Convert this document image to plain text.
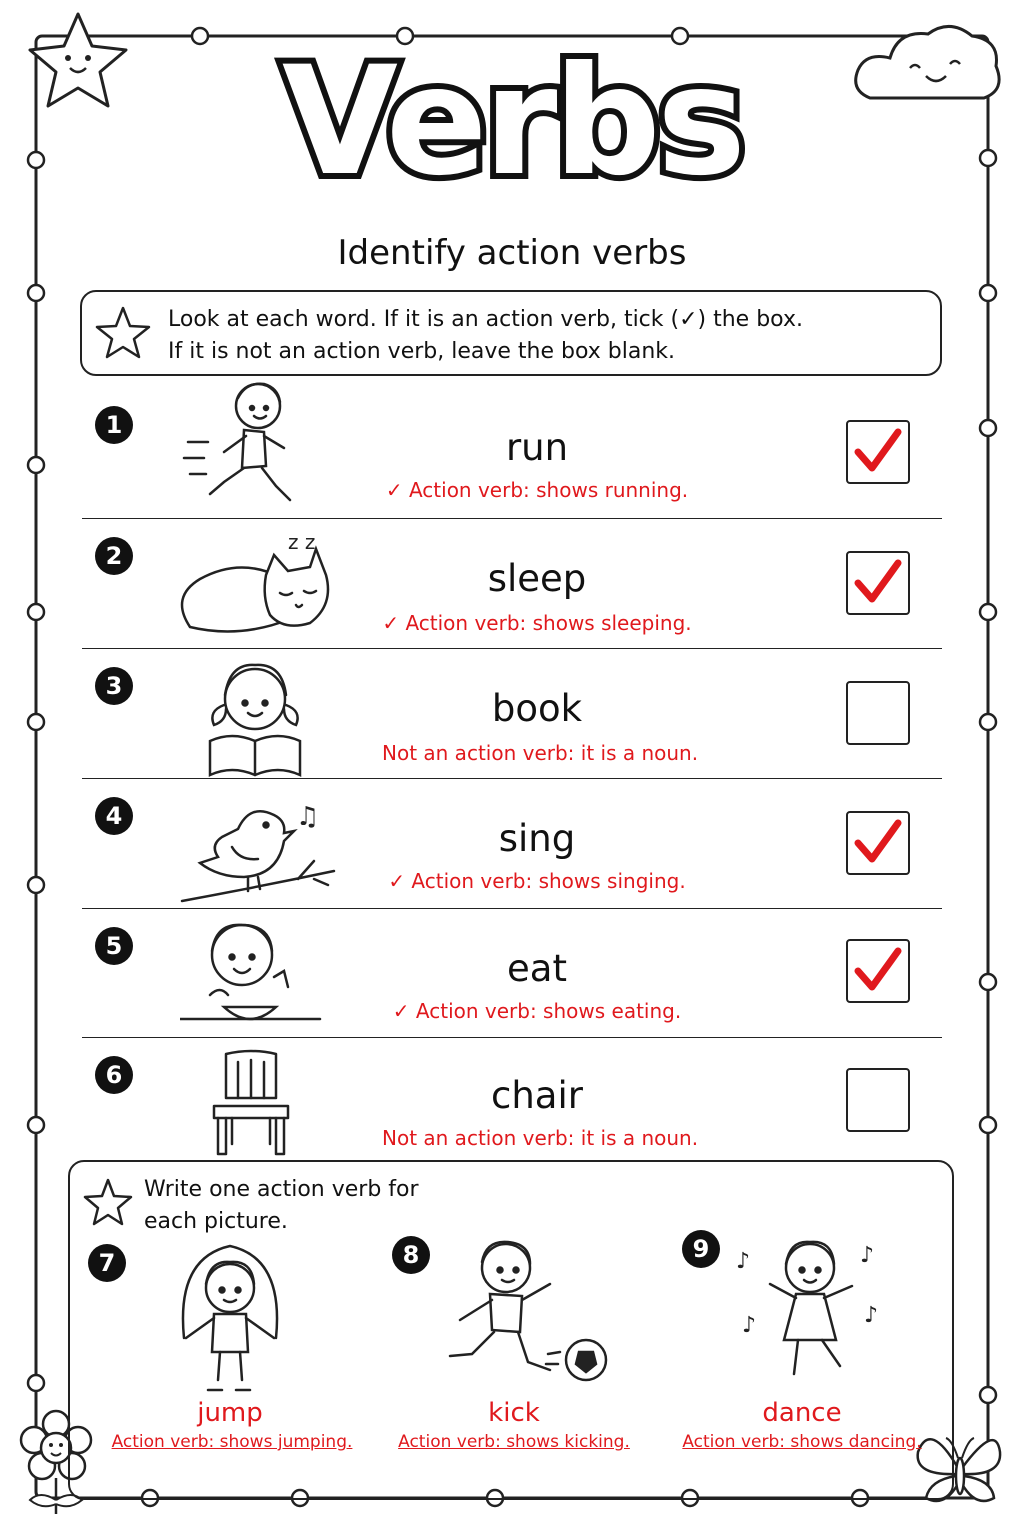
Verbs
Identify action verbs
Look at each word. If it is an action verb, tick (✓) the box.
If it is not an action verb, leave the box blank.
1
run
✓ Action verb: shows running.
2	z z
sleep
✓ Action verb: shows sleeping.
3
book
Not an action verb: it is a noun.
4	♫	sing
✓ Action verb: shows singing.
5
eat
✓ Action verb: shows eating.
6	chair
Not an action verb: it is a noun.
Write one action verb for
each picture.
7
jump
Action verb: shows jumping.
8
kick
Action verb: shows kicking.
9	♪	♪
♪	♪
dance
Action verb: shows dancing.
